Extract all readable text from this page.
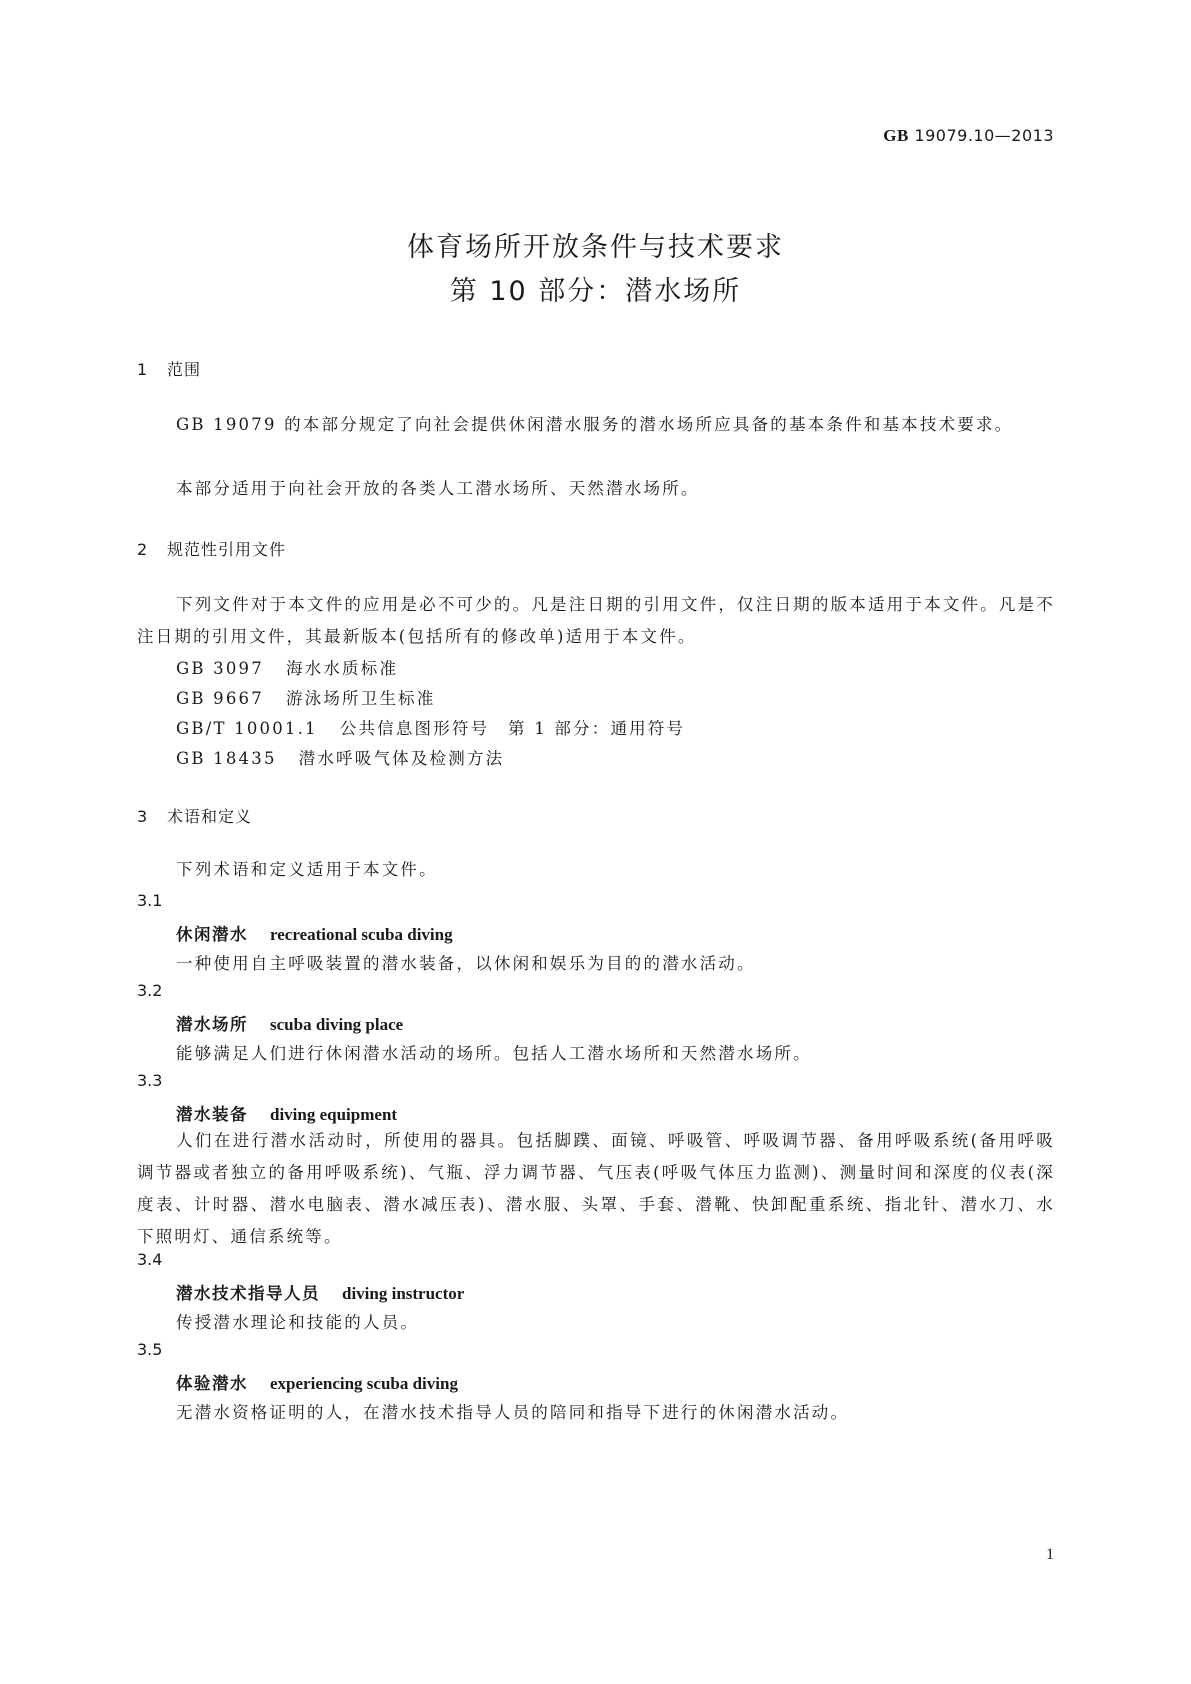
GB 19079.10—2013
体育场所开放条件与技术要求
第 10 部分：潜水场所
1 范围
GB 19079 的本部分规定了向社会提供休闲潜水服务的潜水场所应具备的基本条件和基本技术要求。
本部分适用于向社会开放的各类人工潜水场所、天然潜水场所。
2 规范性引用文件
下列文件对于本文件的应用是必不可少的。凡是注日期的引用文件，仅注日期的版本适用于本文件。凡是不注日期的引用文件，其最新版本(包括所有的修改单)适用于本文件。
GB 3097 海水水质标准
GB 9667 游泳场所卫生标准
GB/T 10001.1 公共信息图形符号　第 1 部分：通用符号
GB 18435 潜水呼吸气体及检测方法
3 术语和定义
下列术语和定义适用于本文件。
3.1
休闲潜水 recreational scuba diving
一种使用自主呼吸装置的潜水装备，以休闲和娱乐为目的的潜水活动。
3.2
潜水场所 scuba diving place
能够满足人们进行休闲潜水活动的场所。包括人工潜水场所和天然潜水场所。
3.3
潜水装备 diving equipment
人们在进行潜水活动时，所使用的器具。包括脚蹼、面镜、呼吸管、呼吸调节器、备用呼吸系统(备用呼吸调节器或者独立的备用呼吸系统)、气瓶、浮力调节器、气压表(呼吸气体压力监测)、测量时间和深度的仪表(深度表、计时器、潜水电脑表、潜水减压表)、潜水服、头罩、手套、潜靴、快卸配重系统、指北针、潜水刀、水下照明灯、通信系统等。
3.4
潜水技术指导人员 diving instructor
传授潜水理论和技能的人员。
3.5
体验潜水 experiencing scuba diving
无潜水资格证明的人，在潜水技术指导人员的陪同和指导下进行的休闲潜水活动。
1
